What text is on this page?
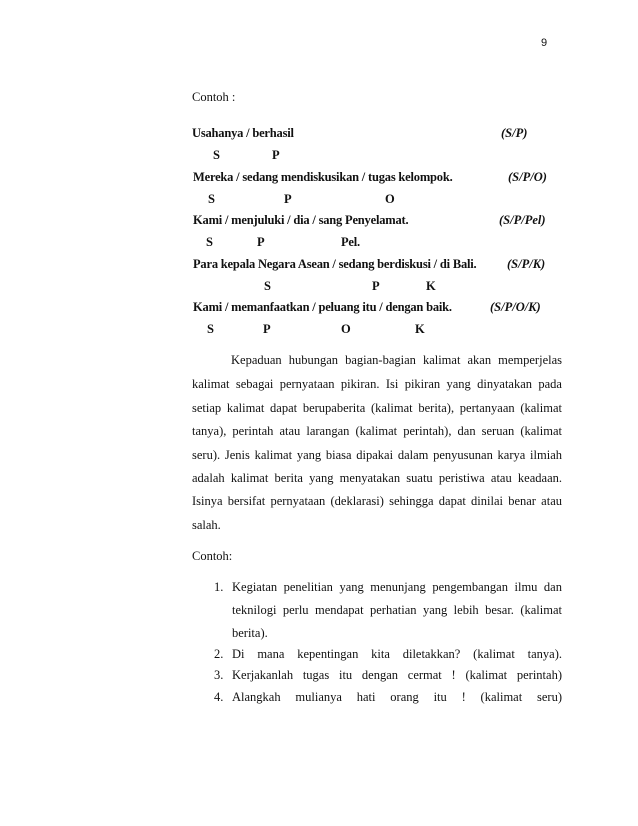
9
Contoh :
Usahanya / berhasil	(S/P)
S	P
Mereka / sedang mendiskusikan / tugas kelompok.	(S/P/O)
S	P	O
Kami / menjuluki / dia / sang Penyelamat.	(S/P/Pel)
S	P	Pel.
Para kepala Negara Asean / sedang berdiskusi / di Bali. (S/P/K)
S	P	K
Kami / memanfaatkan / peluang itu / dengan baik.	(S/P/O/K)
S	P	O	K
Kepaduan hubungan bagian-bagian kalimat akan memperjelas
kalimat sebagai pernyataan pikiran. Isi pikiran yang dinyatakan pada
setiap kalimat dapat berupaberita (kalimat berita), pertanyaan (kalimat
tanya), perintah atau larangan (kalimat perintah), dan seruan (kalimat
seru). Jenis kalimat yang biasa dipakai dalam penyusunan karya ilmiah
adalah kalimat berita yang menyatakan suatu peristiwa atau keadaan.
Isinya bersifat pernyataan (deklarasi) sehingga dapat dinilai benar atau
salah.
Contoh:
1. Kegiatan penelitian yang menunjang pengembangan ilmu dan
teknilogi perlu mendapat perhatian yang lebih besar. (kalimat
berita).
2. Di mana kepentingan kita diletakkan? (kalimat tanya).
3. Kerjakanlah tugas itu dengan cermat ! (kalimat perintah)
4. Alangkah mulianya hati orang itu ! (kalimat seru)
